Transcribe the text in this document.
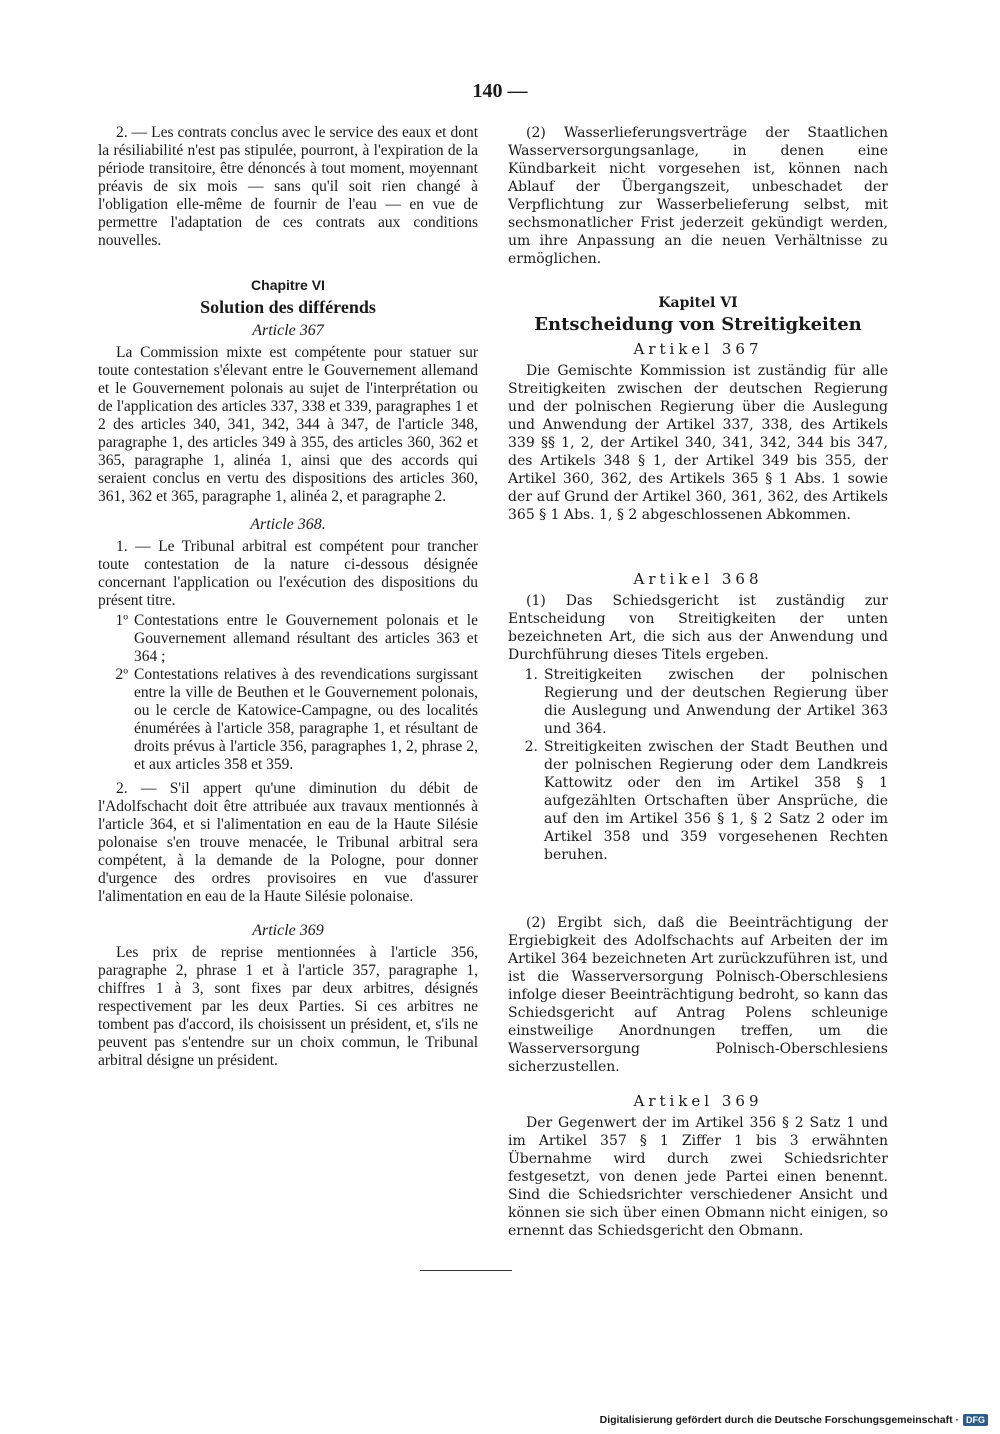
140 —

2. — Les contrats conclus avec le service des eaux et dont la résiliabilité n'est pas stipulée, pourront, à l'expiration de la période transitoire, être dénoncés à tout moment, moyennant préavis de six mois — sans qu'il soit rien changé à l'obligation elle-même de fournir de l'eau — en vue de permettre l'adaptation de ces contrats aux conditions nouvelles.

Chapitre VI
Solution des différends
Article 367

La Commission mixte est compétente pour statuer sur toute contestation s'élevant entre le Gouvernement allemand et le Gouvernement polonais au sujet de l'interprétation ou de l'application des articles 337, 338 et 339, paragraphes 1 et 2 des articles 340, 341, 342, 344 à 347, de l'article 348, paragraphe 1, des articles 349 à 355, des articles 360, 362 et 365, paragraphe 1, alinéa 1, ainsi que des accords qui seraient conclus en vertu des dispositions des articles 360, 361, 362 et 365, paragraphe 1, alinéa 2, et paragraphe 2.

Article 368.

1. — Le Tribunal arbitral est compétent pour trancher toute contestation de la nature ci-dessous désignée concernant l'application ou l'exécution des dispositions du présent titre.

1º Contestations entre le Gouvernement polonais et le Gouvernement allemand résultant des articles 363 et 364 ;
2º Contestations relatives à des revendications surgissant entre la ville de Beuthen et le Gouvernement polonais, ou le cercle de Katowice-Campagne, ou des localités énumérées à l'article 358, paragraphe 1, et résultant de droits prévus à l'article 356, paragraphes 1, 2, phrase 2, et aux articles 358 et 359.

2. — S'il appert qu'une diminution du débit de l'Adolfschacht doit être attribuée aux travaux mentionnés à l'article 364, et si l'alimentation en eau de la Haute Silésie polonaise s'en trouve menacée, le Tribunal arbitral sera compétent, à la demande de la Pologne, pour donner d'urgence des ordres provisoires en vue d'assurer l'alimentation en eau de la Haute Silésie polonaise.

Article 369

Les prix de reprise mentionnées à l'article 356, paragraphe 2, phrase 1 et à l'article 357, paragraphe 1, chiffres 1 à 3, sont fixes par deux arbitres, désignés respectivement par les deux Parties. Si ces arbitres ne tombent pas d'accord, ils choisissent un président, et, s'ils ne peuvent pas s'entendre sur un choix commun, le Tribunal arbitral désigne un président.

(2) Wasserlieferungsverträge der Staatlichen Wasserversorgungsanlage, in denen eine Kündbarkeit nicht vorgesehen ist, können nach Ablauf der Übergangszeit, unbeschadet der Verpflichtung zur Wasserbelieferung selbst, mit sechsmonatlicher Frist jederzeit gekündigt werden, um ihre Anpassung an die neuen Verhältnisse zu ermöglichen.

Kapitel VI
Entscheidung von Streitigkeiten
Artikel 367

Die Gemischte Kommission ist zuständig für alle Streitigkeiten zwischen der deutschen Regierung und der polnischen Regierung über die Auslegung und Anwendung der Artikel 337, 338, des Artikels 339 §§ 1, 2, der Artikel 340, 341, 342, 344 bis 347, des Artikels 348 § 1, der Artikel 349 bis 355, der Artikel 360, 362, des Artikels 365 § 1 Abs. 1 sowie der auf Grund der Artikel 360, 361, 362, des Artikels 365 § 1 Abs. 1, § 2 abgeschlossenen Abkommen.

Artikel 368

(1) Das Schiedsgericht ist zuständig zur Entscheidung von Streitigkeiten der unten bezeichneten Art, die sich aus der Anwendung und Durchführung dieses Titels ergeben.

1. Streitigkeiten zwischen der polnischen Regierung und der deutschen Regierung über die Auslegung und Anwendung der Artikel 363 und 364.
2. Streitigkeiten zwischen der Stadt Beuthen und der polnischen Regierung oder dem Landkreis Kattowitz oder den im Artikel 358 § 1 aufgezählten Ortschaften über Ansprüche, die auf den im Artikel 356 § 1, § 2 Satz 2 oder im Artikel 358 und 359 vorgesehenen Rechten beruhen.

(2) Ergibt sich, daß die Beeinträchtigung der Ergiebigkeit des Adolfschachts auf Arbeiten der im Artikel 364 bezeichneten Art zurückzuführen ist, und ist die Wasserversorgung Polnisch-Oberschlesiens infolge dieser Beeinträchtigung bedroht, so kann das Schiedsgericht auf Antrag Polens schleunige einstweilige Anordnungen treffen, um die Wasserversorgung Polnisch-Oberschlesiens sicherzustellen.

Artikel 369

Der Gegenwert der im Artikel 356 § 2 Satz 1 und im Artikel 357 § 1 Ziffer 1 bis 3 erwähnten Übernahme wird durch zwei Schiedsrichter festgesetzt, von denen jede Partei einen benennt. Sind die Schiedsrichter verschiedener Ansicht und können sie sich über einen Obmann nicht einigen, so ernennt das Schiedsgericht den Obmann.

Digitalisierung gefördert durch die Deutsche Forschungsgemeinschaft · DFG
